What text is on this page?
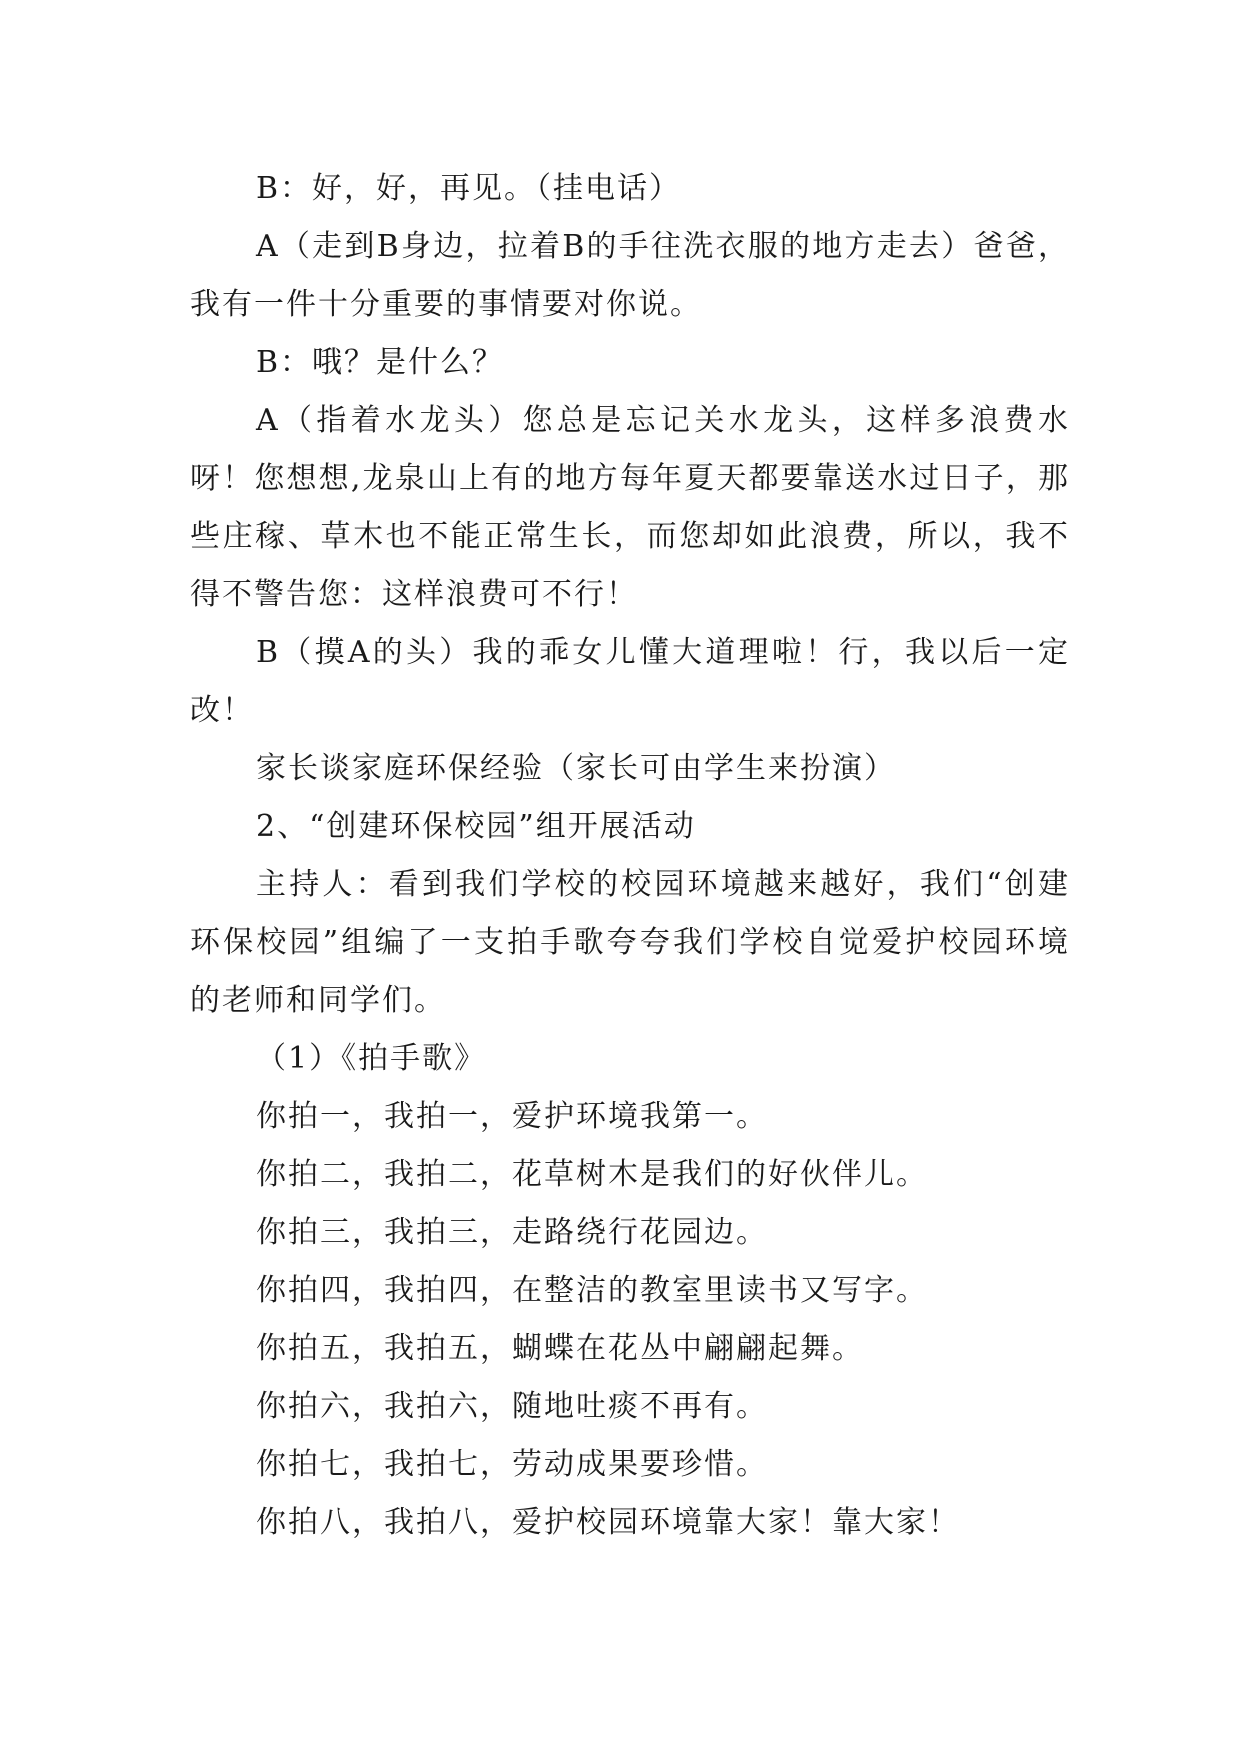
B：好，好，再见。（挂电话）

A（走到B身边，拉着B的手往洗衣服的地方走去）爸爸，我有一件十分重要的事情要对你说。

B：哦？是什么？

A（指着水龙头）您总是忘记关水龙头，这样多浪费水呀！您想想,龙泉山上有的地方每年夏天都要靠送水过日子，那些庄稼、草木也不能正常生长，而您却如此浪费，所以，我不得不警告您：这样浪费可不行！

B（摸A的头）我的乖女儿懂大道理啦！行，我以后一定改！

家长谈家庭环保经验（家长可由学生来扮演）

2、“创建环保校园”组开展活动

主持人：看到我们学校的校园环境越来越好，我们“创建环保校园”组编了一支拍手歌夸夸我们学校自觉爱护校园环境的老师和同学们。

（1）《拍手歌》

你拍一，我拍一，爱护环境我第一。

你拍二，我拍二，花草树木是我们的好伙伴儿。

你拍三，我拍三，走路绕行花园边。

你拍四，我拍四，在整洁的教室里读书又写字。

你拍五，我拍五，蝴蝶在花丛中翩翩起舞。

你拍六，我拍六，随地吐痰不再有。

你拍七，我拍七，劳动成果要珍惜。

你拍八，我拍八，爱护校园环境靠大家！靠大家！
